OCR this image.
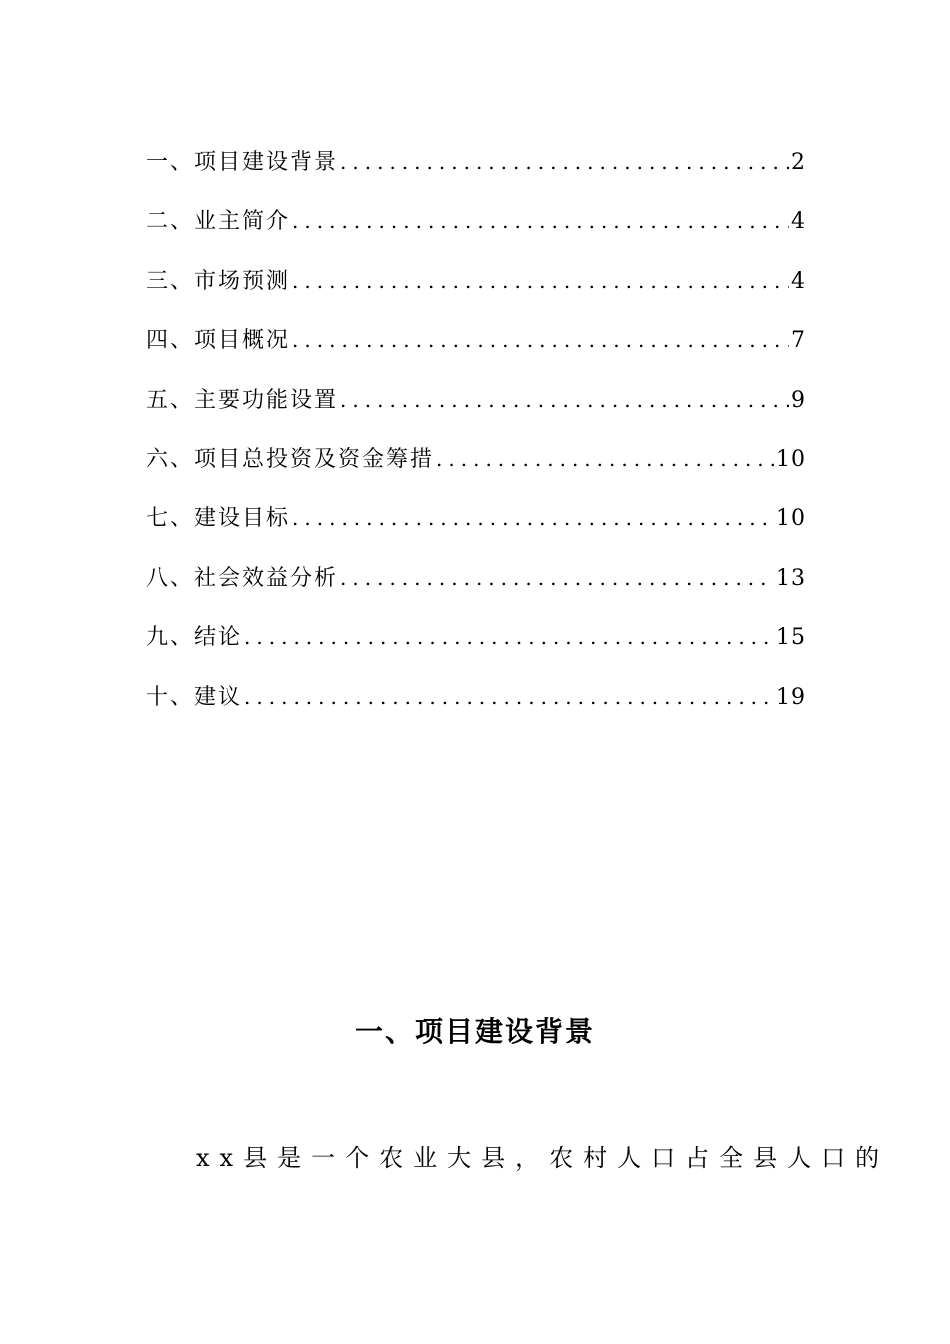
一、项目建设背景 .....	2
二、业主简介 .....	4
三、市场预测 .....	4
四、项目概况 .....	7
五、主要功能设置 .....	9
六、项目总投资及资金筹措 .....	10
七、建设目标 .....	10
八、社会效益分析 .....	13
九、结论 .....	15
十、建议 .....	19
一、项目建设背景

xx县是一个农业大县，农村人口占全县人口的
